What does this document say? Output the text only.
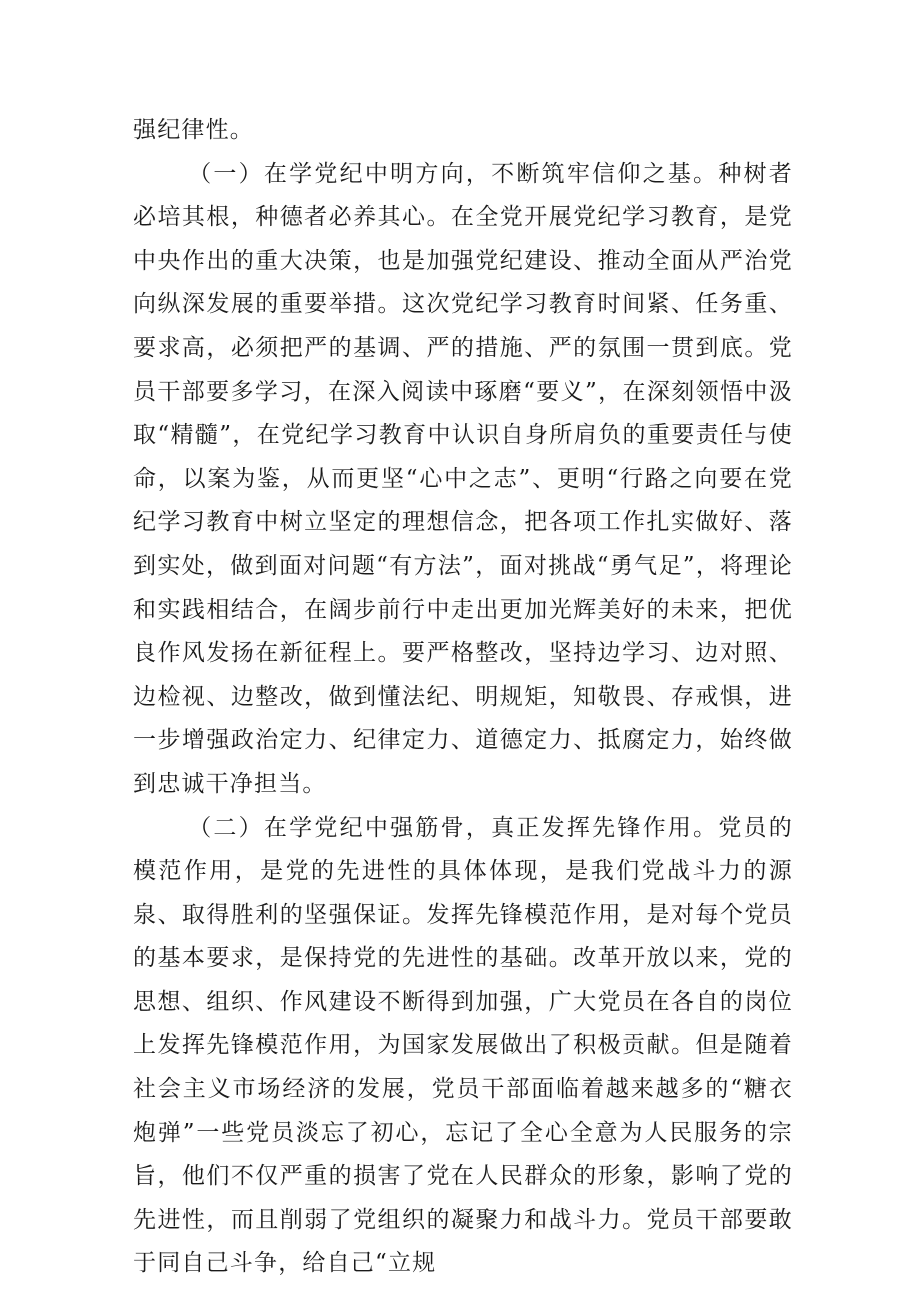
强纪律性。

（一）在学党纪中明方向，不断筑牢信仰之基。种树者必培其根，种德者必养其心。在全党开展党纪学习教育，是党中央作出的重大决策，也是加强党纪建设、推动全面从严治党向纵深发展的重要举措。这次党纪学习教育时间紧、任务重、要求高，必须把严的基调、严的措施、严的氛围一贯到底。党员干部要多学习，在深入阅读中琢磨“要义”，在深刻领悟中汲取“精髓”，在党纪学习教育中认识自身所肩负的重要责任与使命，以案为鉴，从而更坚“心中之志”、更明“行路之向要在党纪学习教育中树立坚定的理想信念，把各项工作扎实做好、落到实处，做到面对问题“有方法”，面对挑战“勇气足”，将理论和实践相结合，在阔步前行中走出更加光辉美好的未来，把优良作风发扬在新征程上。要严格整改，坚持边学习、边对照、边检视、边整改，做到懂法纪、明规矩，知敬畏、存戒惧，进一步增强政治定力、纪律定力、道德定力、抵腐定力，始终做到忠诚干净担当。

（二）在学党纪中强筋骨，真正发挥先锋作用。党员的模范作用，是党的先进性的具体体现，是我们党战斗力的源泉、取得胜利的坚强保证。发挥先锋模范作用，是对每个党员的基本要求，是保持党的先进性的基础。改革开放以来，党的思想、组织、作风建设不断得到加强，广大党员在各自的岗位上发挥先锋模范作用，为国家发展做出了积极贡献。但是随着社会主义市场经济的发展，党员干部面临着越来越多的“糖衣炮弹”一些党员淡忘了初心，忘记了全心全意为人民服务的宗旨，他们不仅严重的损害了党在人民群众的形象，影响了党的先进性，而且削弱了党组织的凝聚力和战斗力。党员干部要敢于同自己斗争，给自己“立规
